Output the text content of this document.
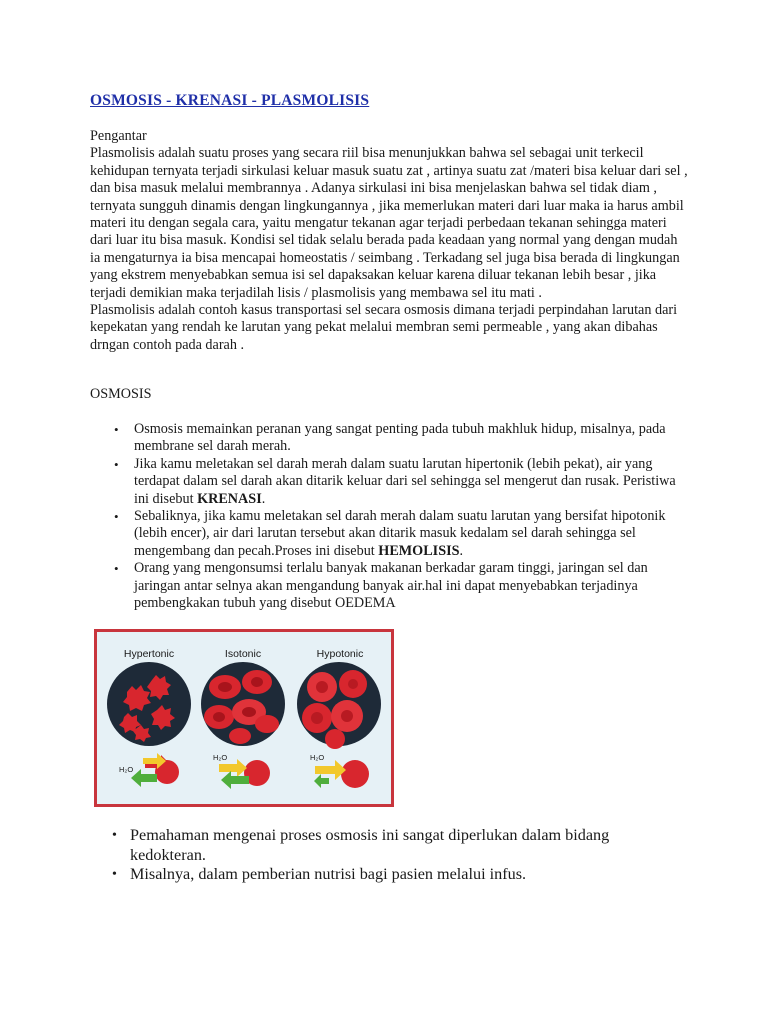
OSMOSIS - KRENASI - PLASMOLISIS

Pengantar

Plasmolisis adalah suatu proses yang secara riil bisa menunjukkan bahwa sel sebagai unit terkecil kehidupan ternyata terjadi sirkulasi keluar masuk suatu zat , artinya suatu zat /materi bisa keluar dari sel , dan bisa masuk melalui membrannya . Adanya sirkulasi ini bisa menjelaskan bahwa sel tidak diam , ternyata sungguh dinamis dengan lingkungannya , jika memerlukan materi dari luar maka ia harus ambil materi itu dengan segala cara, yaitu mengatur tekanan agar terjadi perbedaan tekanan sehingga materi dari luar itu bisa masuk. Kondisi sel tidak selalu berada pada keadaan yang normal yang dengan mudah ia mengaturnya ia bisa mencapai homeostatis / seimbang . Terkadang sel juga bisa berada di lingkungan yang ekstrem menyebabkan semua isi sel dapaksakan keluar karena diluar tekanan lebih besar , jika terjadi demikian maka terjadilah lisis / plasmolisis yang membawa sel itu mati .

Plasmolisis adalah contoh kasus transportasi sel secara osmosis dimana terjadi perpindahan larutan dari kepekatan yang rendah ke larutan yang pekat melalui membran semi permeable , yang akan dibahas drngan contoh pada darah .

OSMOSIS
• Osmosis memainkan peranan yang sangat penting pada tubuh makhluk hidup, misalnya, pada membrane sel darah merah.
• Jika kamu meletakan sel darah merah dalam suatu larutan hipertonik (lebih pekat), air yang terdapat dalam sel darah akan ditarik keluar dari sel sehingga sel mengerut dan rusak. Peristiwa ini disebut KRENASI.
• Sebaliknya, jika kamu meletakan sel darah merah dalam suatu larutan yang bersifat hipotonik (lebih encer), air dari larutan tersebut akan ditarik masuk kedalam sel darah sehingga sel mengembang dan pecah.Proses ini disebut HEMOLISIS.
• Orang yang mengonsumsi terlalu banyak makanan berkadar garam tinggi, jaringan sel dan jaringan antar selnya akan mengandung banyak air.hal ini dapat menyebabkan terjadinya pembengkakan tubuh yang disebut OEDEMA
Hypertonic	Isotonic	Hypotonic
H₂O
H₂O	H₂O
• Pemahaman mengenai proses osmosis ini sangat diperlukan dalam bidang kedokteran.
• Misalnya, dalam pemberian nutrisi bagi pasien melalui infus.
